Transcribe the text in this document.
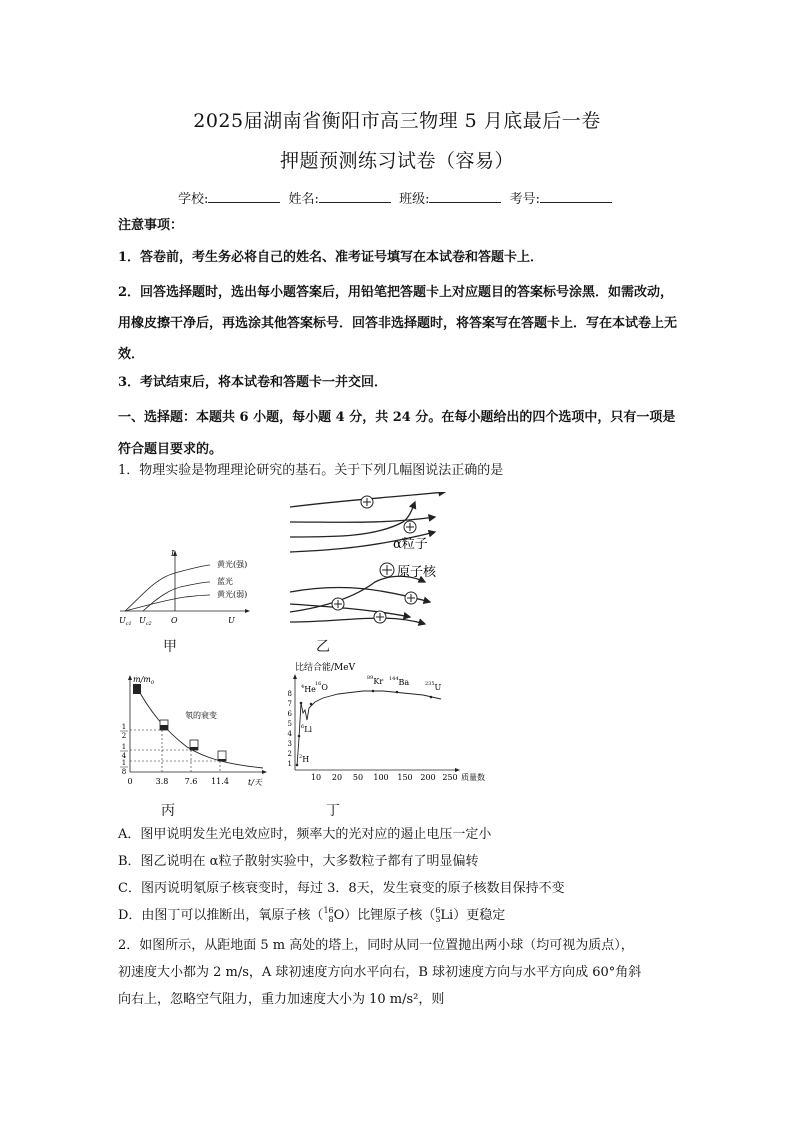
2025届湖南省衡阳市高三物理 5 月底最后一卷
押题预测练习试卷（容易）
学校:	姓名:	班级:	考号:
注意事项：
1．答卷前，考生务必将自己的姓名、准考证号填写在本试卷和答题卡上．
2．回答选择题时，选出每小题答案后，用铅笔把答题卡上对应题目的答案标号涂黑．如需改动，用橡皮擦干净后，再选涂其他答案标号．回答非选择题时，将答案写在答题卡上．写在本试卷上无效．
3．考试结束后，将本试卷和答题卡一并交回．
一、选择题：本题共 6 小题，每小题 4 分，共 24 分。在每小题给出的四个选项中，只有一项是符合题目要求的。
1．物理实验是物理理论研究的基石。关于下列几幅图说法正确的是
I
黄光(强)
蓝光
黄光(弱)
$U_{c1}$ $U_{c2}$ O	U
甲
α粒子
原子核
乙
$m/m_0$
氡的衰变
1
2
1
4
1
8
0	3.8 7.6 11.4 t/天
丙
比结合能/MeV
8
7
6
5
4
3
2
1
$^4$He
$^{16}$O
$^{89}$Kr $^{144}$Ba	$^{235}$U
$^6$Li
$^2$H
10 20 50 100 150 200 250 质量数
丁
A．图甲说明发生光电效应时，频率大的光对应的遏止电压一定小
B．图乙说明在 α粒子散射实验中，大多数粒子都有了明显偏转
C．图丙说明氡原子核衰变时，每过 3．8天，发生衰变的原子核数目保持不变
D．由图丁可以推断出，氧原子核（ 16
8 O）比锂原子核（ 6
3 Li）更稳定
2．如图所示，从距地面 5 m 高处的塔上，同时从同一位置抛出两小球（均可视为质点），
初速度大小都为 2 m/s，A 球初速度方向水平向右，B 球初速度方向与水平方向成 60°角斜
向右上，忽略空气阻力，重力加速度大小为 10 m/s²，则
